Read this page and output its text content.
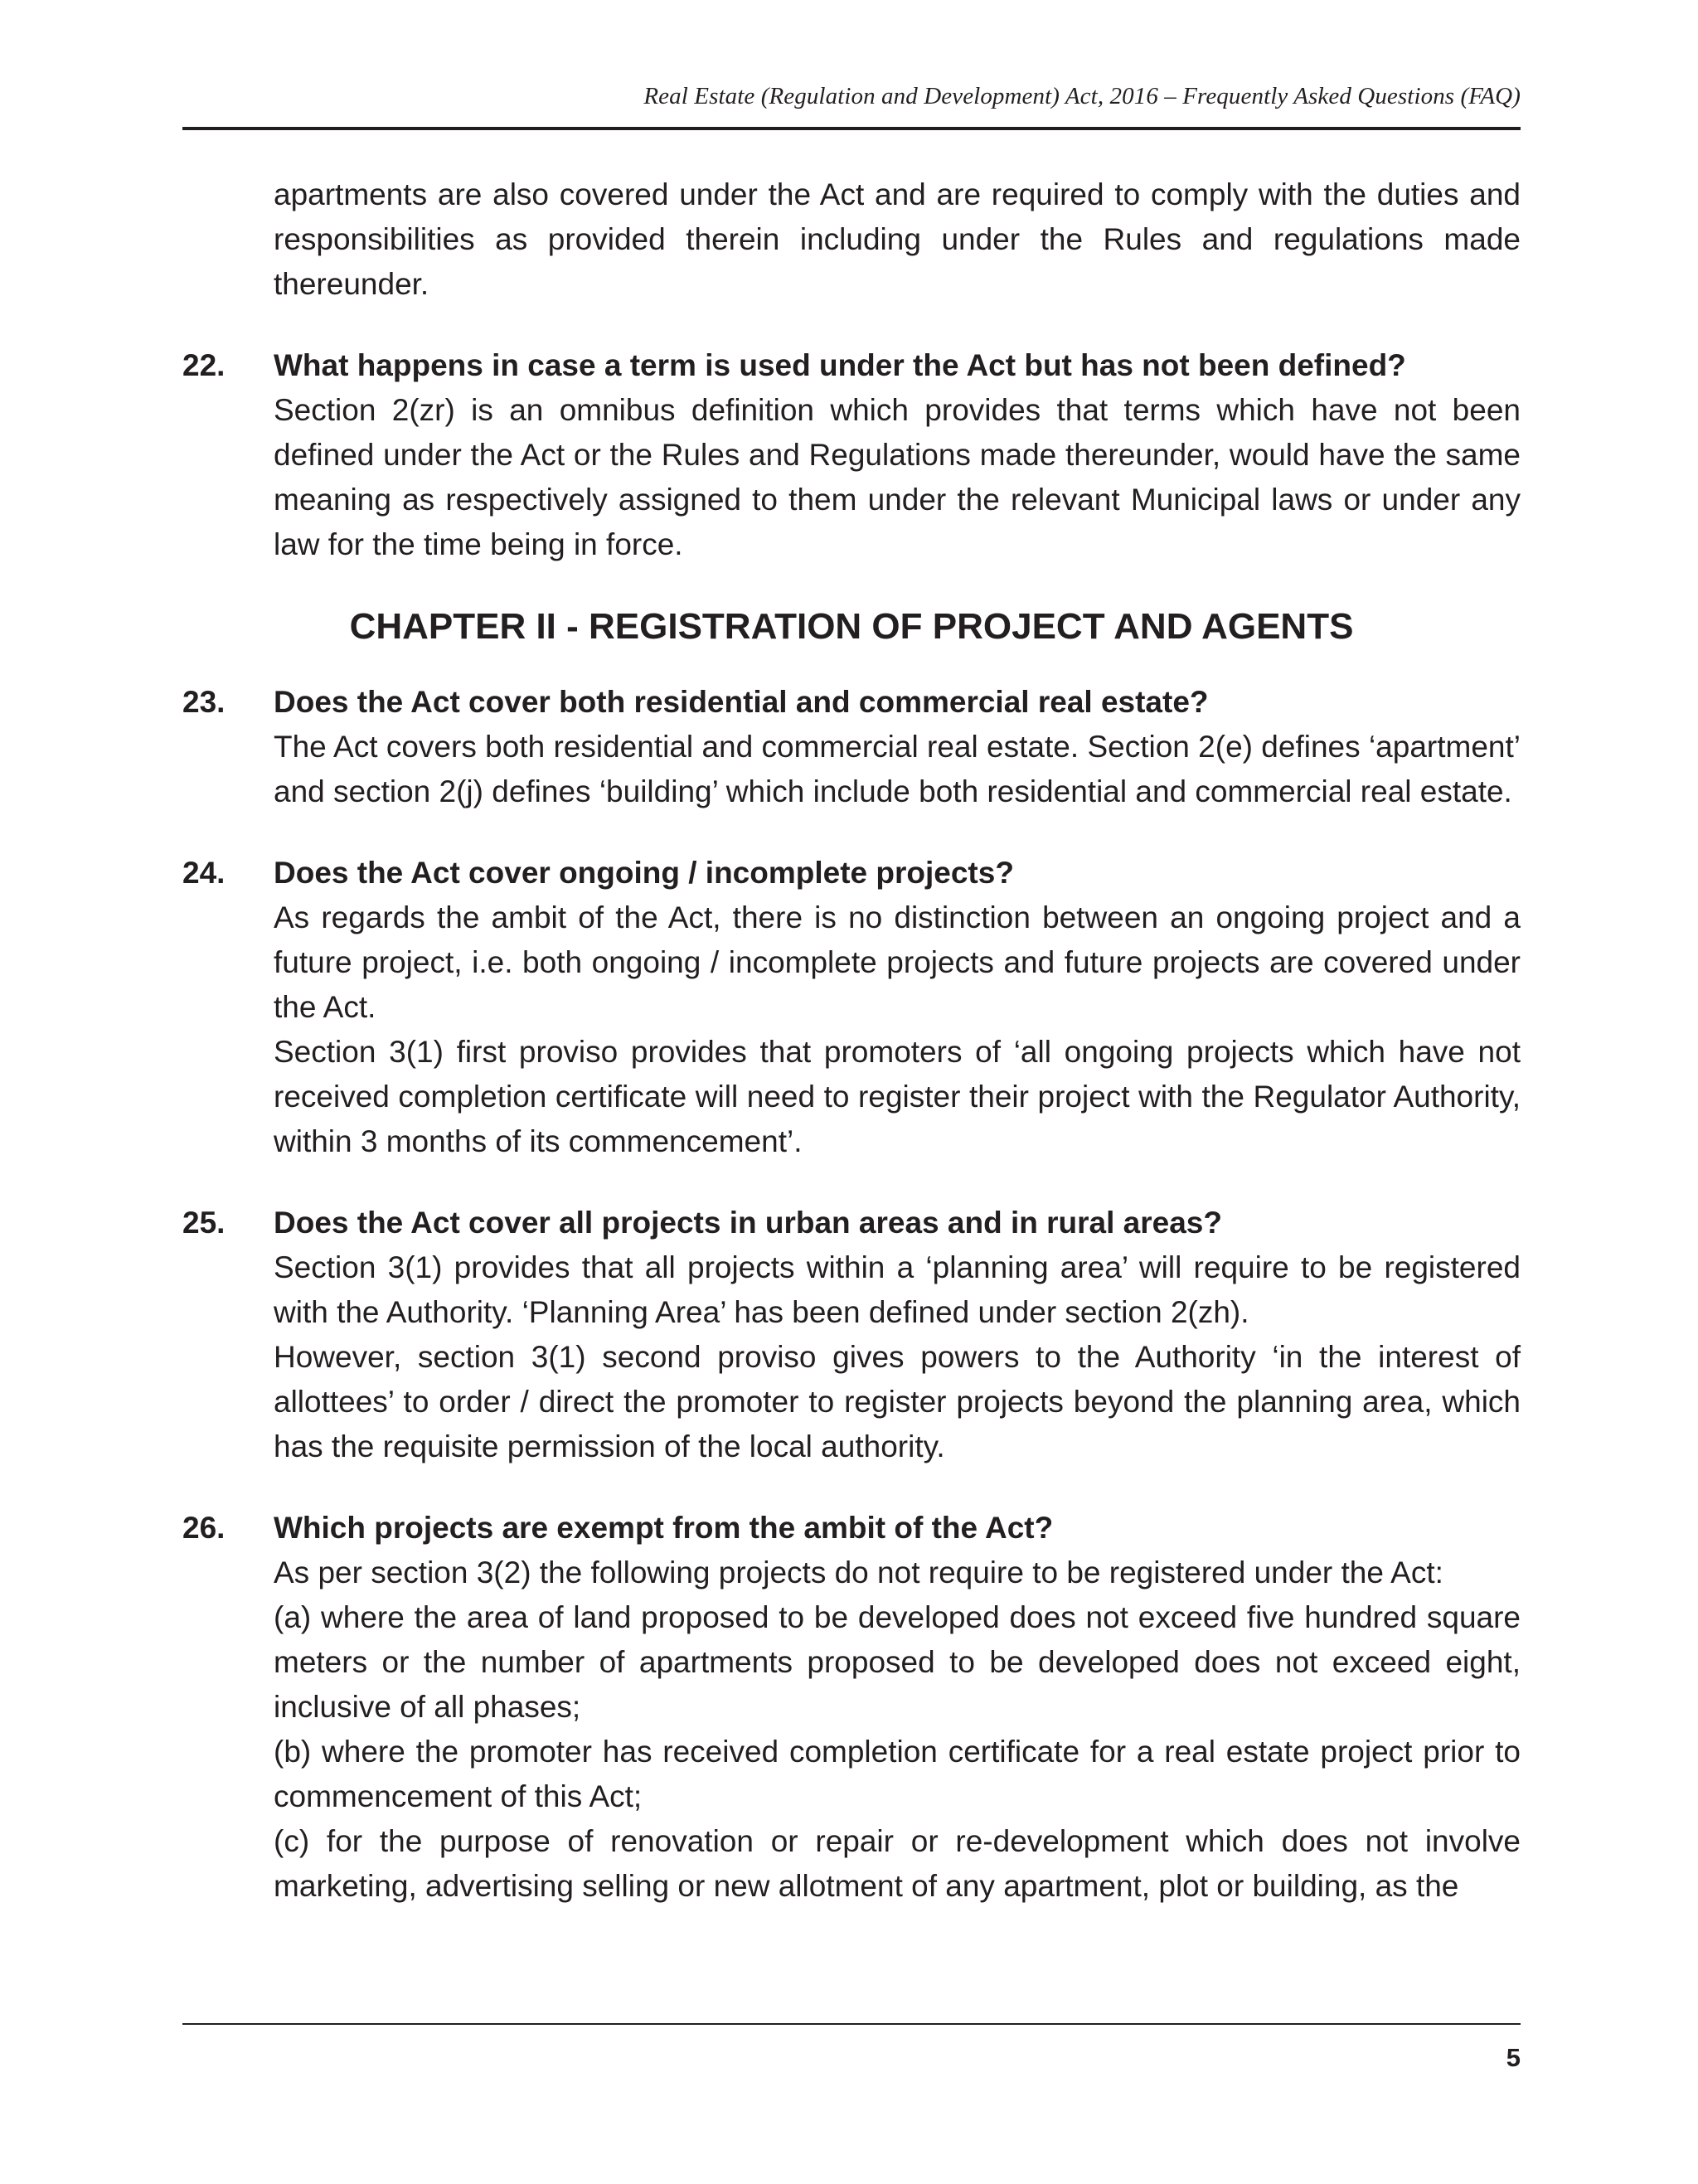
Real Estate (Regulation and Development) Act, 2016 – Frequently Asked Questions (FAQ)

apartments are also covered under the Act and are required to comply with the duties and responsibilities as provided therein including under the Rules and regulations made thereunder.

22. What happens in case a term is used under the Act but has not been defined?

Section 2(zr) is an omnibus definition which provides that terms which have not been defined under the Act or the Rules and Regulations made thereunder, would have the same meaning as respectively assigned to them under the relevant Municipal laws or under any law for the time being in force.

CHAPTER II - REGISTRATION OF PROJECT AND AGENTS
23. Does the Act cover both residential and commercial real estate?

The Act covers both residential and commercial real estate. Section 2(e) defines ‘apartment’ and section 2(j) defines ‘building’ which include both residential and commercial real estate.

24. Does the Act cover ongoing / incomplete projects?

As regards the ambit of the Act, there is no distinction between an ongoing project and a future project, i.e. both ongoing / incomplete projects and future projects are covered under the Act.

Section 3(1) first proviso provides that promoters of ‘all ongoing projects which have not received completion certificate will need to register their project with the Regulator Authority, within 3 months of its commencement’.

25. Does the Act cover all projects in urban areas and in rural areas?

Section 3(1) provides that all projects within a ‘planning area’ will require to be registered with the Authority. ‘Planning Area’ has been defined under section 2(zh).

However, section 3(1) second proviso gives powers to the Authority ‘in the interest of allottees’ to order / direct the promoter to register projects beyond the planning area, which has the requisite permission of the local authority.

26. Which projects are exempt from the ambit of the Act?

As per section 3(2) the following projects do not require to be registered under the Act:

(a) where the area of land proposed to be developed does not exceed five hundred square meters or the number of apartments proposed to be developed does not exceed eight, inclusive of all phases;

(b) where the promoter has received completion certificate for a real estate project prior to commencement of this Act;

(c) for the purpose of renovation or repair or re-development which does not involve marketing, advertising selling or new allotment of any apartment, plot or building, as the

5
